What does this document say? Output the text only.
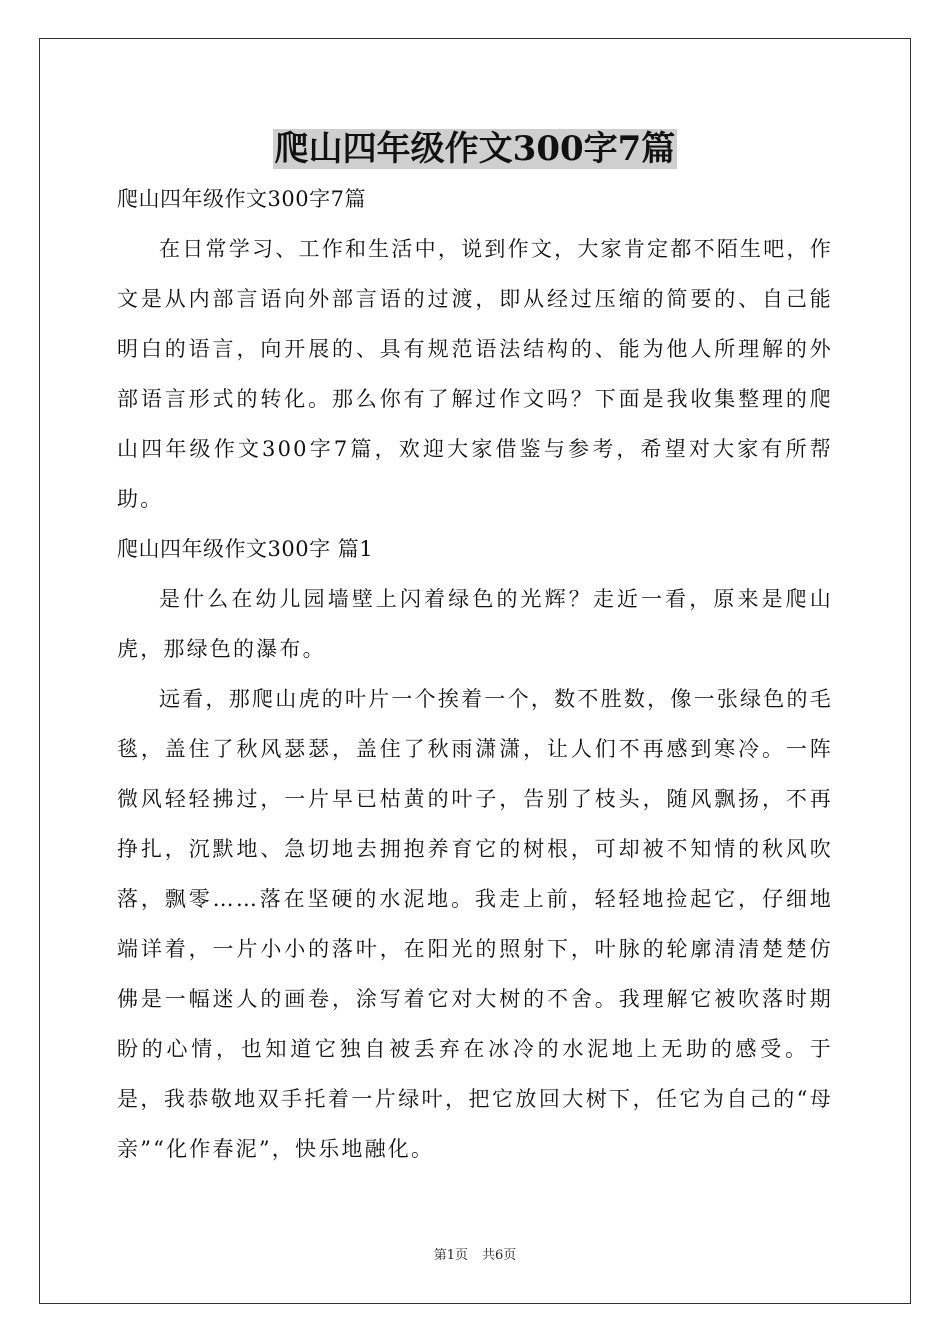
爬山四年级作文300字7篇

爬山四年级作文300字7篇

在日常学习、工作和生活中，说到作文，大家肯定都不陌生吧，作文是从内部言语向外部言语的过渡，即从经过压缩的简要的、自己能明白的语言，向开展的、具有规范语法结构的、能为他人所理解的外部语言形式的转化。那么你有了解过作文吗？下面是我收集整理的爬山四年级作文300字7篇，欢迎大家借鉴与参考，希望对大家有所帮助。

爬山四年级作文300字 篇1

是什么在幼儿园墙壁上闪着绿色的光辉？走近一看，原来是爬山虎，那绿色的瀑布。

远看，那爬山虎的叶片一个挨着一个，数不胜数，像一张绿色的毛毯，盖住了秋风瑟瑟，盖住了秋雨潇潇，让人们不再感到寒冷。一阵微风轻轻拂过，一片早已枯黄的叶子，告别了枝头，随风飘扬，不再挣扎，沉默地、急切地去拥抱养育它的树根，可却被不知情的秋风吹落，飘零……落在坚硬的水泥地。我走上前，轻轻地捡起它，仔细地端详着，一片小小的落叶，在阳光的照射下，叶脉的轮廓清清楚楚仿佛是一幅迷人的画卷，涂写着它对大树的不舍。我理解它被吹落时期盼的心情，也知道它独自被丢弃在冰冷的水泥地上无助的感受。于是，我恭敬地双手托着一片绿叶，把它放回大树下，任它为自己的“母亲”“化作春泥”，快乐地融化。

第1页 共6页
